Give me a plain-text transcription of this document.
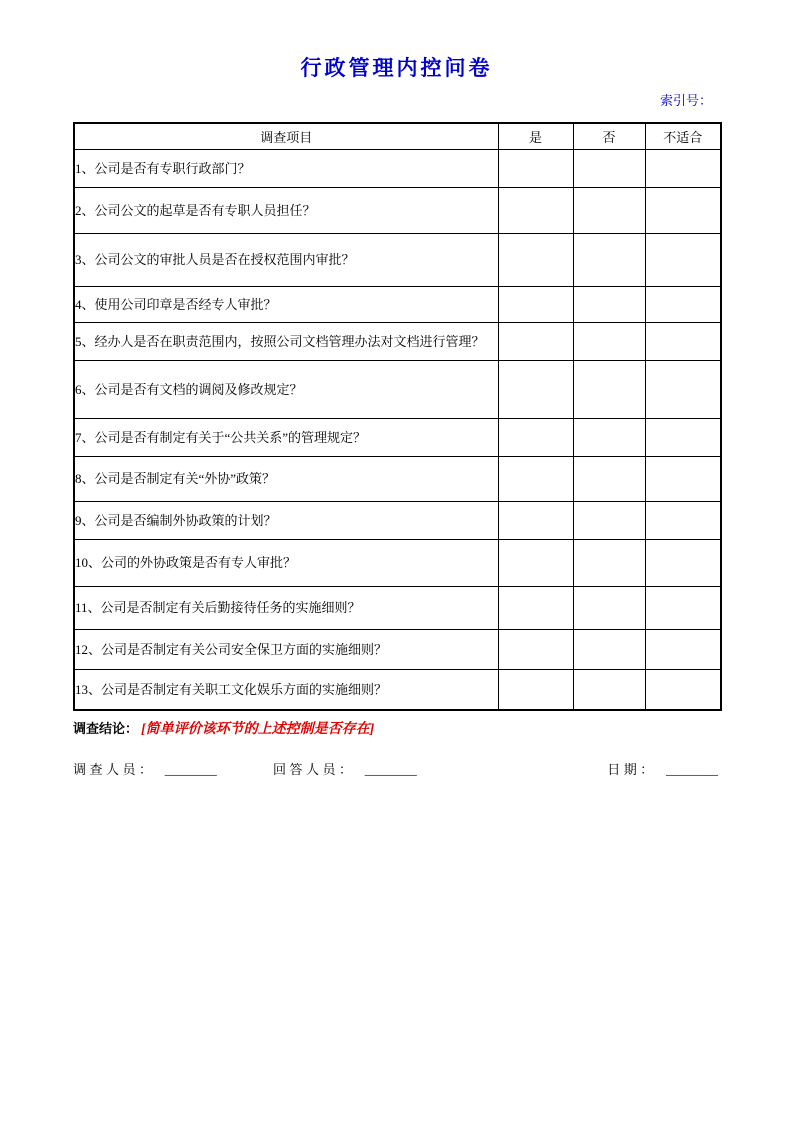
行政管理内控问卷
索引号：
调查项目	是	否	不适合
1、公司是否有专职行政部门？			
2、公司公文的起草是否有专职人员担任？			
3、公司公文的审批人员是否在授权范围内审批？			
4、使用公司印章是否经专人审批？			
5、经办人是否在职责范围内，按照公司文档管理办法对文档进行管理？			
6、公司是否有文档的调阅及修改规定？			
7、公司是否有制定有关于“公共关系”的管理规定？			
8、公司是否制定有关“外协”政策？			
9、公司是否编制外协政策的计划？			
10、公司的外协政策是否有专人审批？			
11、公司是否制定有关后勤接待任务的实施细则？			
12、公司是否制定有关公司安全保卫方面的实施细则？			
13、公司是否制定有关职工文化娱乐方面的实施细则？			
调查结论： [简单评价该环节的上述控制是否存在]
调查人员： ________	回答人员： ________	日期： ________
